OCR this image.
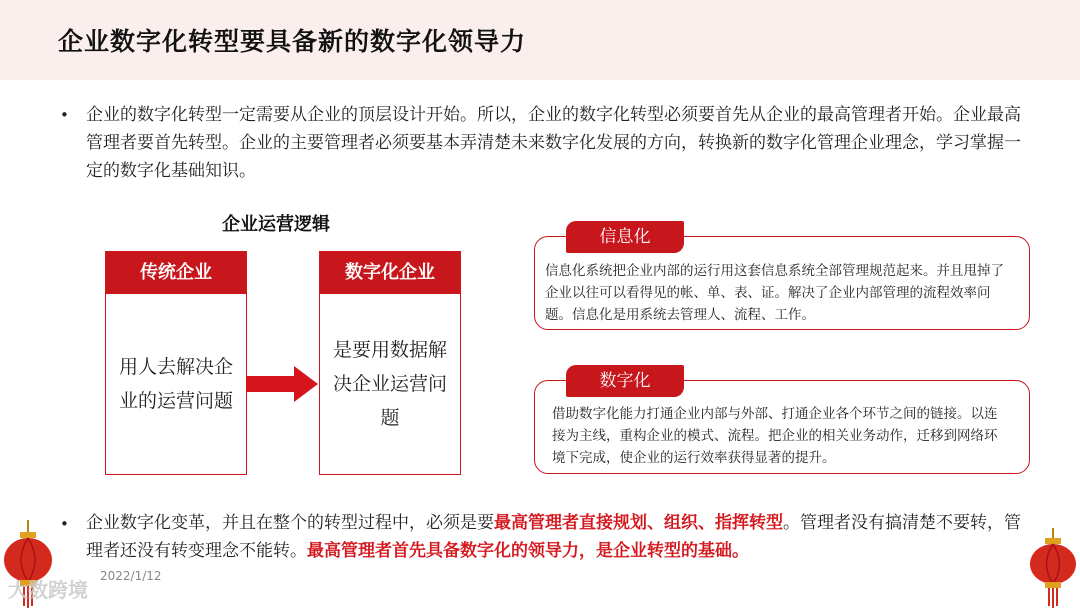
企业数字化转型要具备新的数字化领导力
• 企业的数字化转型一定需要从企业的顶层设计开始。所以，企业的数字化转型必须要首先从企业的最高管理者开始。企业最高管理者要首先转型。企业的主要管理者必须要基本弄清楚未来数字化发展的方向，转换新的数字化管理企业理念，学习掌握一定的数字化基础知识。

企业运营逻辑
传统企业
用人去解决企业的运营问题
数字化企业
是要用数据解决企业运营问题
信息化

信息化系统把企业内部的运行用这套信息系统全部管理规范起来。并且甩掉了企业以往可以看得见的帐、单、表、证。解决了企业内部管理的流程效率问题。信息化是用系统去管理人、流程、工作。

数字化

借助数字化能力打通企业内部与外部、打通企业各个环节之间的链接。以连接为主线，重构企业的模式、流程。把企业的相关业务动作，迁移到网络环境下完成，使企业的运行效率获得显著的提升。

• 企业数字化变革，并且在整个的转型过程中，必须是要最高管理者直接规划、组织、指挥转型。管理者没有搞清楚不要转，管理者还没有转变理念不能转。最高管理者首先具备数字化的领导力，是企业转型的基础。

2022/1/12
大数跨境
